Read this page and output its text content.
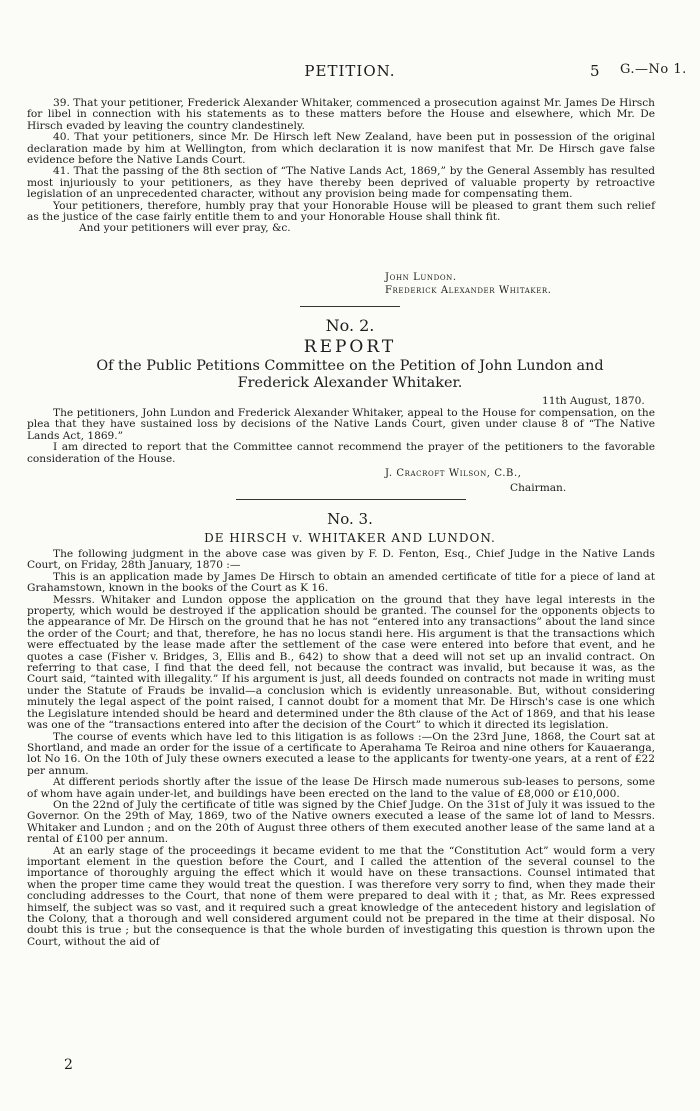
PETITION.	5 G.—No 1.

39. That your petitioner, Frederick Alexander Whitaker, commenced a prosecution against Mr. James De Hirsch for libel in connection with his statements as to these matters before the House and elsewhere, which Mr. De Hirsch evaded by leaving the country clandestinely.

40. That your petitioners, since Mr. De Hirsch left New Zealand, have been put in possession of the original declaration made by him at Wellington, from which declaration it is now manifest that Mr. De Hirsch gave false evidence before the Native Lands Court.

41. That the passing of the 8th section of “The Native Lands Act, 1869,” by the General Assembly has resulted most injuriously to your petitioners, as they have thereby been deprived of valuable property by retroactive legislation of an unprecedented character, without any provision being made for compensating them.

Your petitioners, therefore, humbly pray that your Honorable House will be pleased to grant them such relief as the justice of the case fairly entitle them to and your Honorable House shall think fit.

And your petitioners will ever pray, &c.

John Lundon.
Frederick Alexander Whitaker.
No. 2.
REPORT
Of the Public Petitions Committee on the Petition of John Lundon and
Frederick Alexander Whitaker.
11th August, 1870.

The petitioners, John Lundon and Frederick Alexander Whitaker, appeal to the House for compensation, on the plea that they have sustained loss by decisions of the Native Lands Court, given under clause 8 of “The Native Lands Act, 1869.”

I am directed to report that the Committee cannot recommend the prayer of the petitioners to the favorable consideration of the House.

J. Cracroft Wilson, C.B.,
Chairman.
No. 3.
DE HIRSCH v. WHITAKER AND LUNDON.

The following judgment in the above case was given by F. D. Fenton, Esq., Chief Judge in the Native Lands Court, on Friday, 28th January, 1870 :—

This is an application made by James De Hirsch to obtain an amended certificate of title for a piece of land at Grahamstown, known in the books of the Court as K 16.

Messrs. Whitaker and Lundon oppose the application on the ground that they have legal interests in the property, which would be destroyed if the application should be granted. The counsel for the opponents objects to the appearance of Mr. De Hirsch on the ground that he has not “entered into any transactions” about the land since the order of the Court; and that, therefore, he has no locus standi here. His argument is that the transactions which were effectuated by the lease made after the settlement of the case were entered into before that event, and he quotes a case (Fisher v. Bridges, 3, Ellis and B., 642) to show that a deed will not set up an invalid contract. On referring to that case, I find that the deed fell, not because the contract was invalid, but because it was, as the Court said, “tainted with illegality.” If his argument is just, all deeds founded on contracts not made in writing must under the Statute of Frauds be invalid—a conclusion which is evidently unreasonable. But, without considering minutely the legal aspect of the point raised, I cannot doubt for a moment that Mr. De Hirsch's case is one which the Legislature intended should be heard and determined under the 8th clause of the Act of 1869, and that his lease was one of the “transactions entered into after the decision of the Court” to which it directed its legislation.

The course of events which have led to this litigation is as follows :—On the 23rd June, 1868, the Court sat at Shortland, and made an order for the issue of a certificate to Aperahama Te Reiroa and nine others for Kauaeranga, lot No 16. On the 10th of July these owners executed a lease to the applicants for twenty-one years, at a rent of £22 per annum.

At different periods shortly after the issue of the lease De Hirsch made numerous sub-leases to persons, some of whom have again under-let, and buildings have been erected on the land to the value of £8,000 or £10,000.

On the 22nd of July the certificate of title was signed by the Chief Judge. On the 31st of July it was issued to the Governor. On the 29th of May, 1869, two of the Native owners executed a lease of the same lot of land to Messrs. Whitaker and Lundon ; and on the 20th of August three others of them executed another lease of the same land at a rental of £100 per annum.

At an early stage of the proceedings it became evident to me that the “Constitution Act” would form a very important element in the question before the Court, and I called the attention of the several counsel to the importance of thoroughly arguing the effect which it would have on these transactions. Counsel intimated that when the proper time came they would treat the question. I was therefore very sorry to find, when they made their concluding addresses to the Court, that none of them were prepared to deal with it ; that, as Mr. Rees expressed himself, the subject was so vast, and it required such a great knowledge of the antecedent history and legislation of the Colony, that a thorough and well considered argument could not be prepared in the time at their disposal. No doubt this is true ; but the consequence is that the whole burden of investigating this question is thrown upon the Court, without the aid of

2
